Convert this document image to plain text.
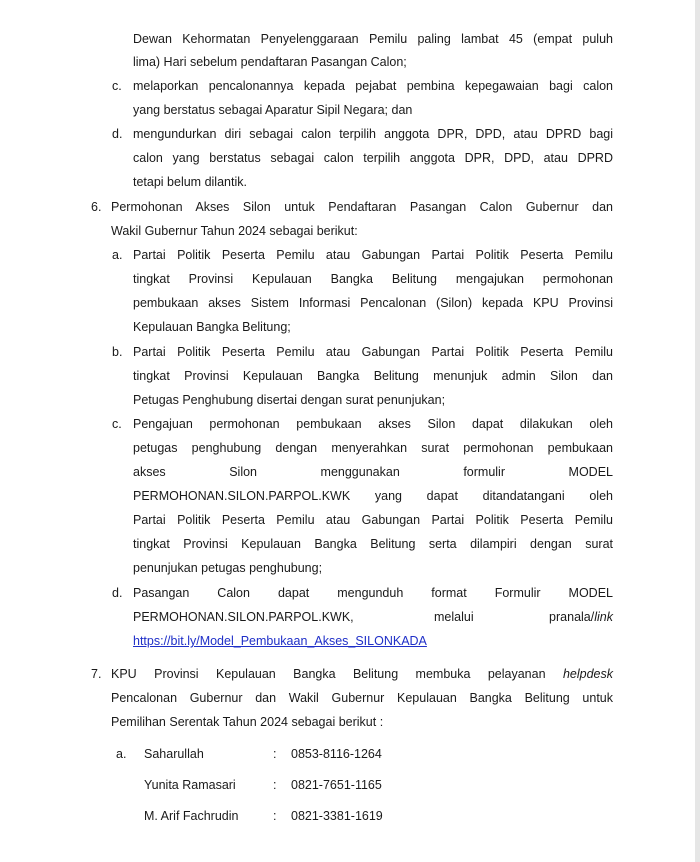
Dewan Kehormatan Penyelenggaraan Pemilu paling lambat 45 (empat puluh
lima) Hari sebelum pendaftaran Pasangan Calon;
c. melaporkan pencalonannya kepada pejabat pembina kepegawaian bagi calon
yang berstatus sebagai Aparatur Sipil Negara; dan
d. mengundurkan diri sebagai calon terpilih anggota DPR, DPD, atau DPRD bagi
calon yang berstatus sebagai calon terpilih anggota DPR, DPD, atau DPRD
tetapi belum dilantik.
6. Permohonan Akses Silon untuk Pendaftaran Pasangan Calon Gubernur dan
Wakil Gubernur Tahun 2024 sebagai berikut:
a. Partai Politik Peserta Pemilu atau Gabungan Partai Politik Peserta Pemilu
tingkat Provinsi Kepulauan Bangka Belitung mengajukan permohonan
pembukaan akses Sistem Informasi Pencalonan (Silon) kepada KPU Provinsi
Kepulauan Bangka Belitung;
b. Partai Politik Peserta Pemilu atau Gabungan Partai Politik Peserta Pemilu
tingkat Provinsi Kepulauan Bangka Belitung menunjuk admin Silon dan
Petugas Penghubung disertai dengan surat penunjukan;
c. Pengajuan permohonan pembukaan akses Silon dapat dilakukan oleh
petugas penghubung dengan menyerahkan surat permohonan pembukaan
akses Silon menggunakan formulir MODEL
PERMOHONAN.SILON.PARPOL.KWK yang dapat ditandatangani oleh
Partai Politik Peserta Pemilu atau Gabungan Partai Politik Peserta Pemilu
tingkat Provinsi Kepulauan Bangka Belitung serta dilampiri dengan surat
penunjukan petugas penghubung;
d. Pasangan Calon dapat mengunduh format Formulir MODEL
PERMOHONAN.SILON.PARPOL.KWK,	melalui	pranala/link
https://bit.ly/Model_Pembukaan_Akses_SILONKADA
7. KPU Provinsi Kepulauan Bangka Belitung membuka pelayanan helpdesk
Pencalonan Gubernur dan Wakil Gubernur Kepulauan Bangka Belitung untuk
Pemilihan Serentak Tahun 2024 sebagai berikut :
a. Saharullah	: 0853-8116-1264
Yunita Ramasari	: 0821-7651-1165
M. Arif Fachrudin	: 0821-3381-1619
